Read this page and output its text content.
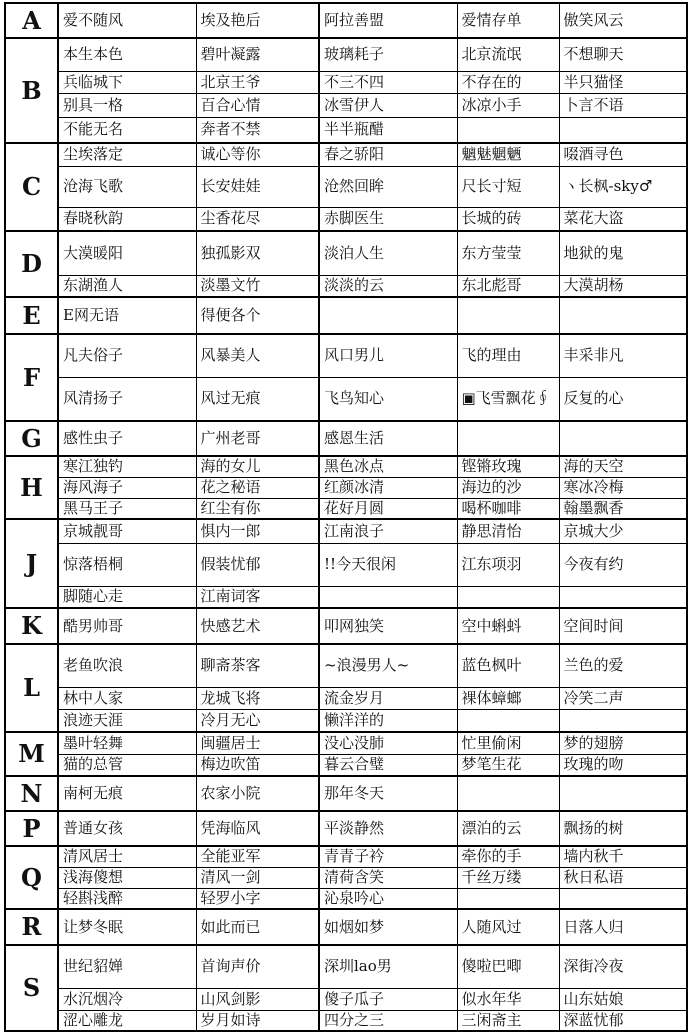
A	爱不随风	埃及艳后	阿拉善盟	爱情存单	傲笑风云
B	本生本色	碧叶凝露	玻璃耗子	北京流氓	不想聊天
	兵临城下	北京王爷	不三不四	不存在的	半只猫怪
	别具一格	百合心情	冰雪伊人	冰凉小手	卜言不语
	不能无名	奔者不禁	半半瓶醋		
C	尘埃落定	诚心等你	春之骄阳	魑魅魍魉	啜酒寻色
	沧海飞歌	长安娃娃	沧然回眸	尺长寸短	ヽ长枫-sky♂
	春晓秋韵	尘香花尽	赤脚医生	长城的砖	菜花大盗
D	大漠暖阳	独孤影双	淡泊人生	东方莹莹	地狱的鬼
	东湖渔人	淡墨文竹	淡淡的云	东北彪哥	大漠胡杨
E	E网无语	得便各个			
F	凡夫俗子	风暴美人	风口男儿	飞的理由	丰采非凡
	风清扬子	风过无痕	飞鸟知心	▣飞雪飘花∮	反复的心
G	感性虫子	广州老哥	感恩生活		
H	寒江独钓	海的女儿	黑色冰点	铿锵玫瑰	海的天空
	海风海子	花之秘语	红颜冰清	海边的沙	寒冰冷梅
	黑马王子	红尘有你	花好月圆	喝杯咖啡	翰墨飘香
J	京城靓哥	惧内一郎	江南浪子	静思清怡	京城大少
	惊落梧桐	假装忧郁	!!今天很闲	江东项羽	今夜有约
	脚随心走	江南词客			
K	酷男帅哥	快感艺术	叩网独笑	空中蝌蚪	空间时间
L	老鱼吹浪	聊斋茶客	~浪漫男人~	蓝色枫叶	兰色的爱
	林中人家	龙城飞将	流金岁月	裸体蟑螂	冷笑二声
	浪迹天涯	冷月无心	懒洋洋的		
M	墨叶轻舞	闽疆居士	没心没肺	忙里偷闲	梦的翅膀
	猫的总管	梅边吹笛	暮云合璧	梦笔生花	玫瑰的吻
N	南柯无痕	农家小院	那年冬天		
P	普通女孩	凭海临风	平淡静然	漂泊的云	飘扬的树
Q	清风居士	全能亚军	青青子衿	牵你的手	墙内秋千
	浅海傻想	清风一剑	清荷含笑	千丝万缕	秋日私语
	轻斟浅醉	轻罗小字	沁泉吟心		
R	让梦冬眠	如此而已	如烟如梦	人随风过	日落人归
S	世纪貂婵	首询声价	深圳lao男	傻啦巴唧	深街冷夜
	水沉烟冷	山风剑影	傻子瓜子	似水年华	山东姑娘
	涩心雕龙	岁月如诗	四分之三	三闲斋主	深蓝忧郁
